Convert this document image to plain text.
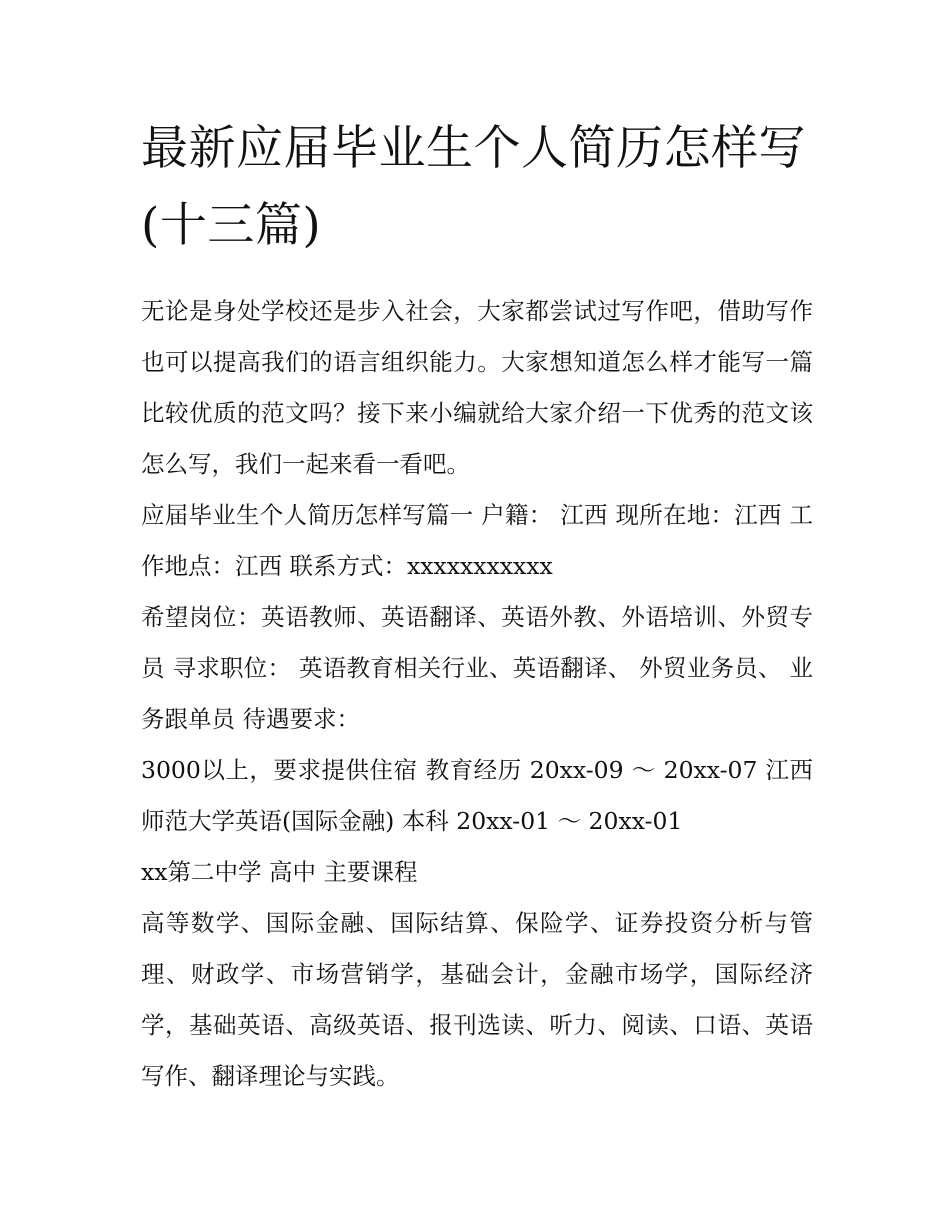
最新应届毕业生个人简历怎样写(十三篇)

无论是身处学校还是步入社会，大家都尝试过写作吧，借助写作也可以提高我们的语言组织能力。大家想知道怎么样才能写一篇比较优质的范文吗？接下来小编就给大家介绍一下优秀的范文该怎么写，我们一起来看一看吧。

应届毕业生个人简历怎样写篇一 户籍： 江西 现所在地：江西 工作地点：江西 联系方式：xxxxxxxxxxx

希望岗位：英语教师、英语翻译、英语外教、外语培训、外贸专员 寻求职位： 英语教育相关行业、英语翻译、 外贸业务员、 业务跟单员 待遇要求：

3000以上，要求提供住宿 教育经历 20xx-09 ～ 20xx-07 江西师范大学英语(国际金融) 本科 20xx-01 ～ 20xx-01

xx第二中学 高中 主要课程

高等数学、国际金融、国际结算、保险学、证券投资分析与管理、财政学、市场营销学，基础会计，金融市场学，国际经济学，基础英语、高级英语、报刊选读、听力、阅读、口语、英语写作、翻译理论与实践。
